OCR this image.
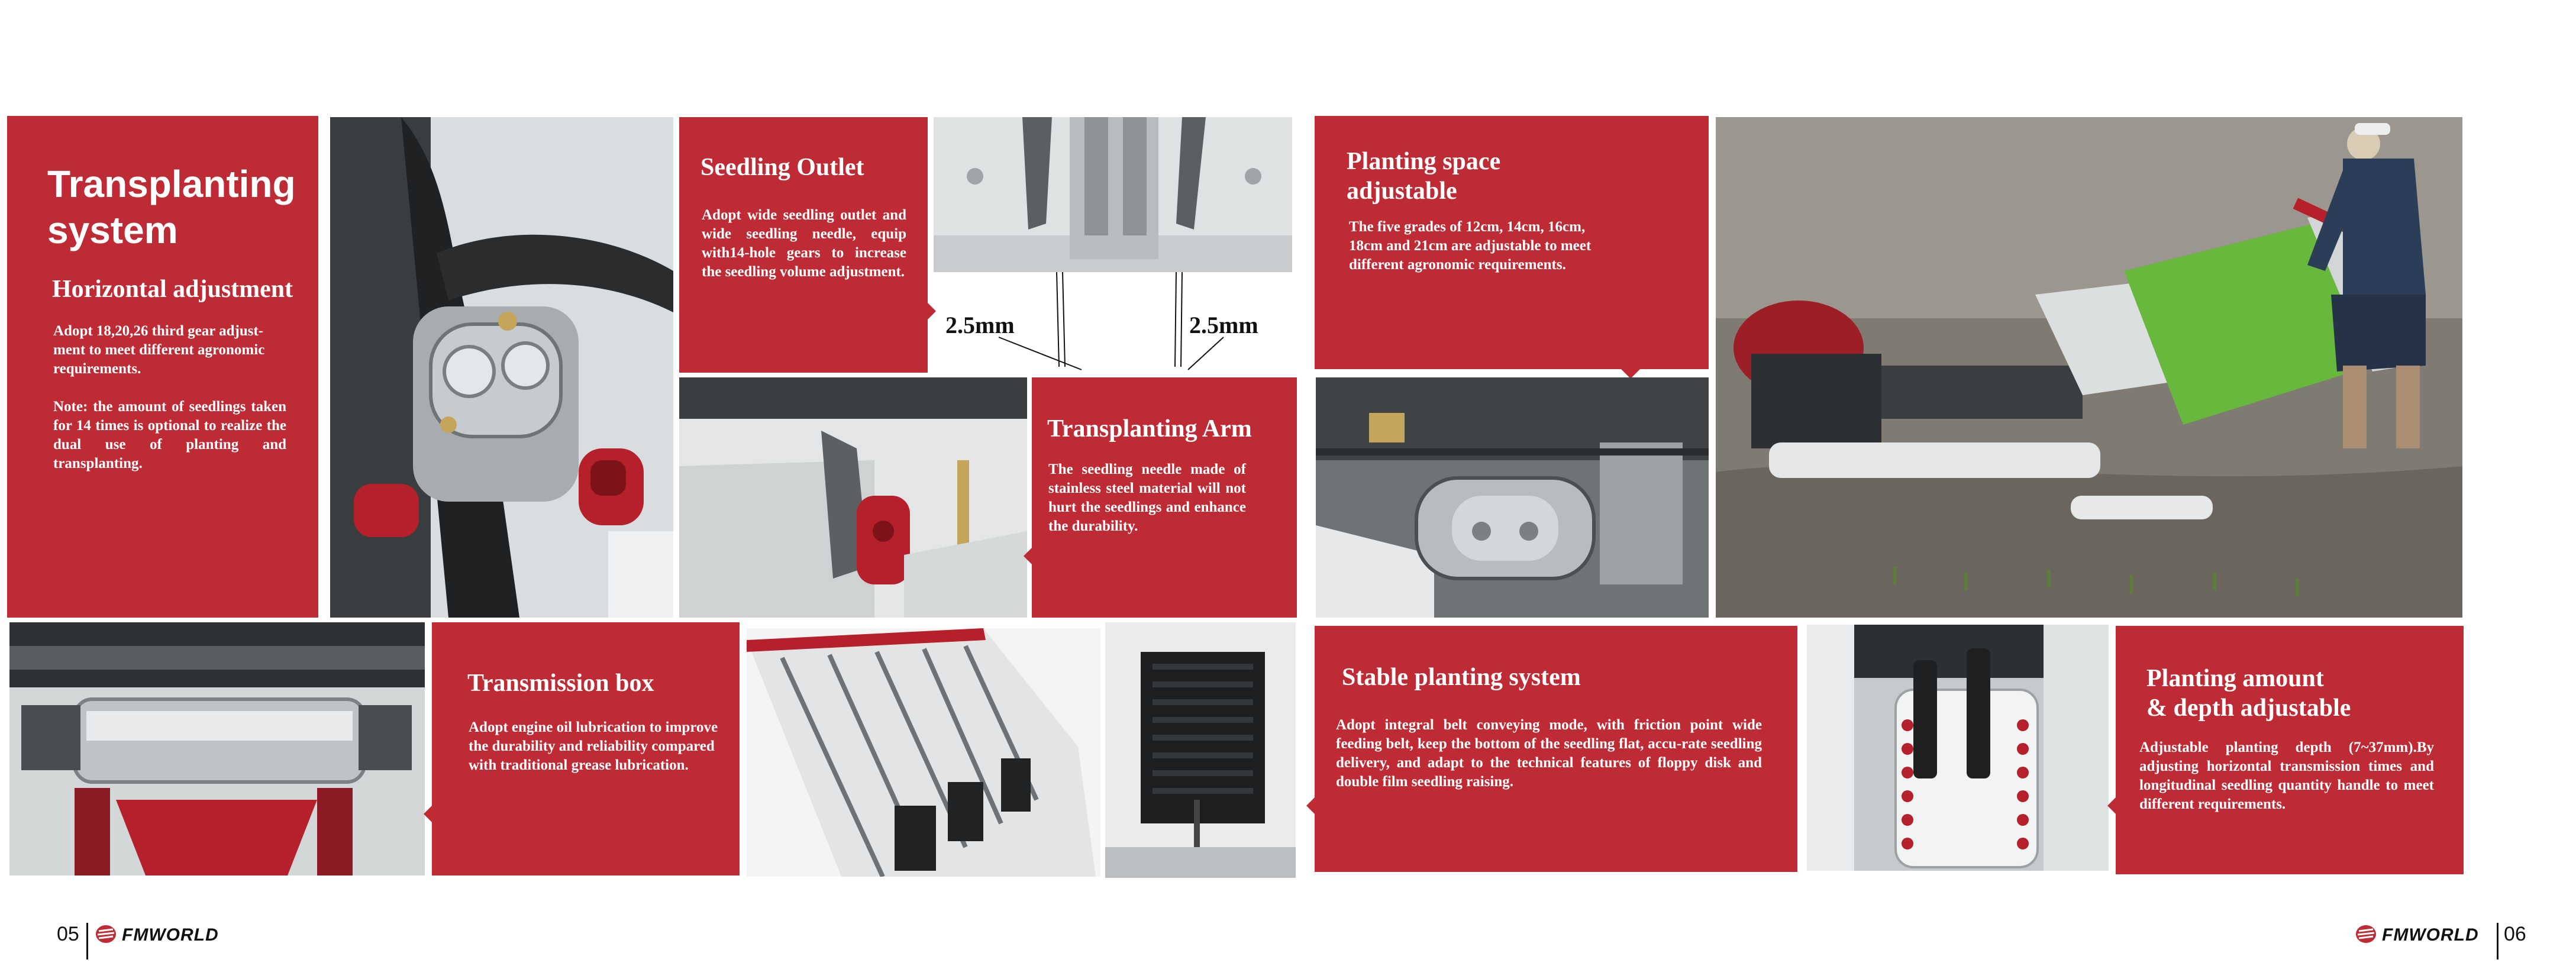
Transplanting system
Horizontal adjustment
Adopt 18,20,26 third gear adjust-ment to meet different agronomic requirements.
Note: the amount of seedlings taken for 14 times is optional to realize the dual use of planting and transplanting.
Seedling Outlet
Adopt wide seedling outlet and wide seedling needle, equip with14-hole gears to increase the seedling volume adjustment.
2.5mm	2.5mm
Transplanting Arm
The seedling needle made of stainless steel material will not hurt the seedlings and enhance the durability.
Transmission box
Adopt engine oil lubrication to improve the durability and reliability compared with traditional grease lubrication.
05 FMWORLD
Planting space
adjustable
The five grades of 12cm, 14cm, 16cm, 18cm and 21cm are adjustable to meet different agronomic requirements.
Stable planting system
Adopt integral belt conveying mode, with friction point wide feeding belt, keep the bottom of the seedling flat, accu-rate seedling delivery, and adapt to the technical features of floppy disk and double film seedling raising.
Planting amount
& depth adjustable
Adjustable planting depth (7~37mm).By adjusting horizontal transmission times and longitudinal seedling quantity handle to meet different requirements.
FMWORLD 06
